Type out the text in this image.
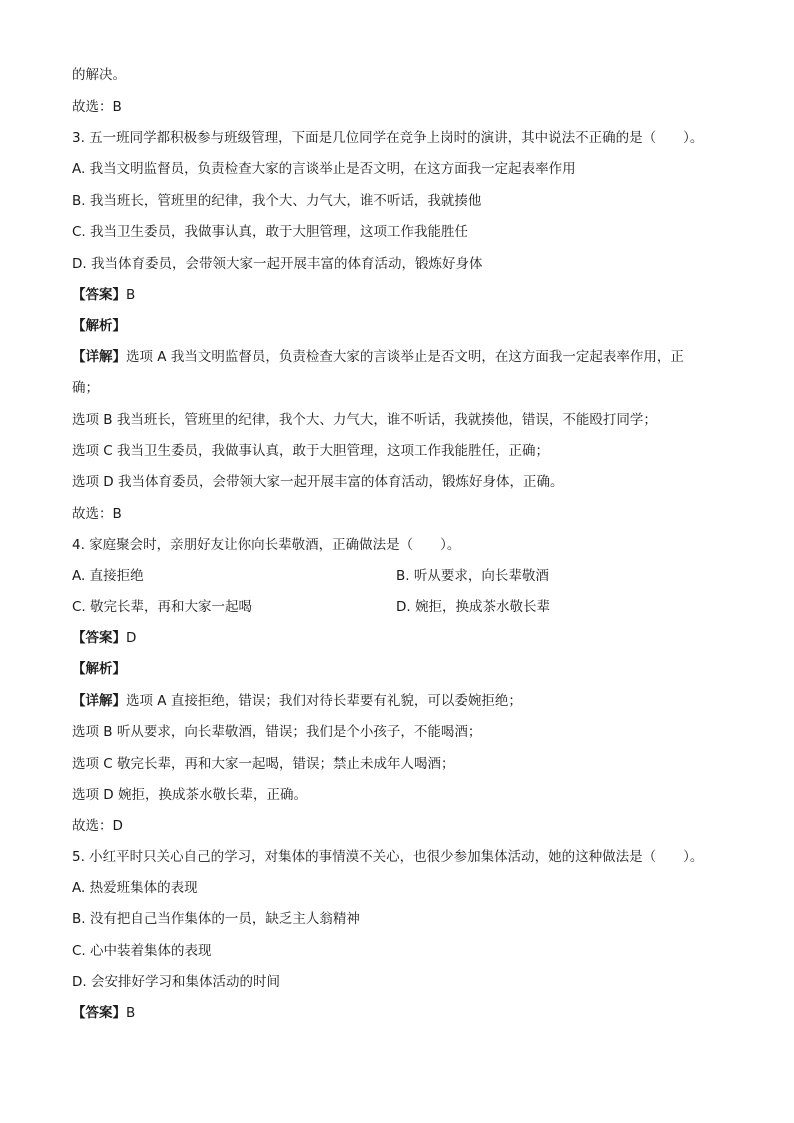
的解决。
故选：B
3. 五一班同学都积极参与班级管理，下面是几位同学在竞争上岗时的演讲，其中说法不正确的是（　　）。
A. 我当文明监督员，负责检查大家的言谈举止是否文明，在这方面我一定起表率作用
B. 我当班长，管班里的纪律，我个大、力气大，谁不听话，我就揍他
C. 我当卫生委员，我做事认真，敢于大胆管理，这项工作我能胜任
D. 我当体育委员，会带领大家一起开展丰富的体育活动，锻炼好身体
【答案】B
【解析】
【详解】选项 A 我当文明监督员，负责检查大家的言谈举止是否文明，在这方面我一定起表率作用，正
确；
选项 B 我当班长，管班里的纪律，我个大、力气大，谁不听话，我就揍他，错误，不能殴打同学；
选项 C 我当卫生委员，我做事认真，敢于大胆管理，这项工作我能胜任，正确；
选项 D 我当体育委员，会带领大家一起开展丰富的体育活动，锻炼好身体，正确。
故选：B
4. 家庭聚会时，亲朋好友让你向长辈敬酒，正确做法是（　　）。
A. 直接拒绝	B. 听从要求，向长辈敬酒
C. 敬完长辈，再和大家一起喝	D. 婉拒，换成茶水敬长辈
【答案】D
【解析】
【详解】选项 A 直接拒绝，错误；我们对待长辈要有礼貌，可以委婉拒绝；
选项 B 听从要求，向长辈敬酒，错误；我们是个小孩子，不能喝酒；
选项 C 敬完长辈，再和大家一起喝，错误；禁止未成年人喝酒；
选项 D 婉拒，换成茶水敬长辈，正确。
故选：D
5. 小红平时只关心自己的学习，对集体的事情漠不关心，也很少参加集体活动，她的这种做法是（　　）。
A. 热爱班集体的表现
B. 没有把自己当作集体的一员，缺乏主人翁精神
C. 心中装着集体的表现
D. 会安排好学习和集体活动的时间
【答案】B
